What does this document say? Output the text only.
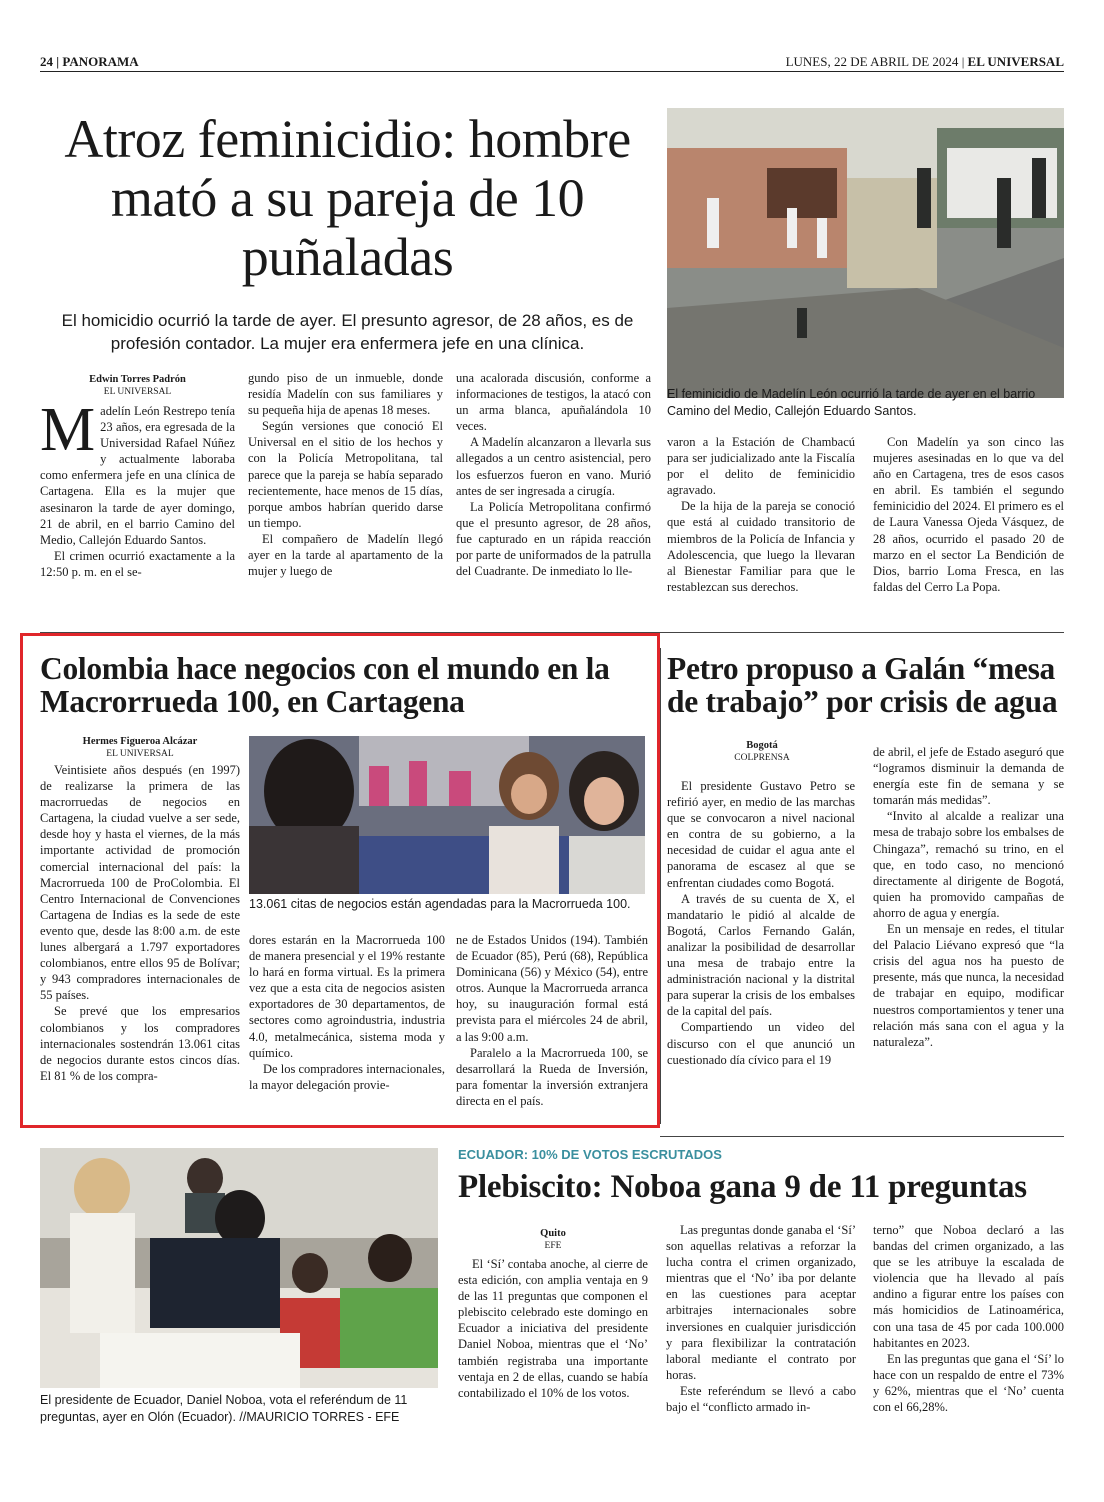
24 | PANORAMA	LUNES, 22 DE ABRIL DE 2024 | EL UNIVERSAL
Atroz feminicidio: hombre mató a su pareja de 10 puñaladas
El homicidio ocurrió la tarde de ayer. El presunto agresor, de 28 años, es de profesión contador. La mujer era enfermera jefe en una clínica.
El feminicidio de Madelín León ocurrió la tarde de ayer en el barrio Camino del Medio, Callejón Eduardo Santos.
Edwin Torres Padrón
EL UNIVERSAL

Madelín León Restrepo tenía 23 años, era egresada de la Universidad Rafael Núñez y actualmente laboraba como enfermera jefe en una clínica de Cartagena. Ella es la mujer que asesinaron la tarde de ayer domingo, 21 de abril, en el barrio Camino del Medio, Callejón Eduardo Santos.

El crimen ocurrió exactamente a la 12:50 p. m. en el se-

gundo piso de un inmueble, donde residía Madelín con sus familiares y su pequeña hija de apenas 18 meses.

Según versiones que conoció El Universal en el sitio de los hechos y con la Policía Metropolitana, tal parece que la pareja se había separado recientemente, hace menos de 15 días, porque ambos habrían querido darse un tiempo.

El compañero de Madelín llegó ayer en la tarde al apartamento de la mujer y luego de

una acalorada discusión, conforme a informaciones de testigos, la atacó con un arma blanca, apuñalándola 10 veces.

A Madelín alcanzaron a llevarla sus allegados a un centro asistencial, pero los esfuerzos fueron en vano. Murió antes de ser ingresada a cirugía.

La Policía Metropolitana confirmó que el presunto agresor, de 28 años, fue capturado en un rápida reacción por parte de uniformados de la patrulla del Cuadrante. De inmediato lo lle-

varon a la Estación de Chambacú para ser judicializado ante la Fiscalía por el delito de feminicidio agravado.

De la hija de la pareja se conoció que está al cuidado transitorio de miembros de la Policía de Infancia y Adolescencia, que luego la llevaran al Bienestar Familiar para que le restablezcan sus derechos.

Con Madelín ya son cinco las mujeres asesinadas en lo que va del año en Cartagena, tres de esos casos en abril. Es también el segundo feminicidio del 2024. El primero es el de Laura Vanessa Ojeda Vásquez, de 28 años, ocurrido el pasado 20 de marzo en el sector La Bendición de Dios, barrio Loma Fresca, en las faldas del Cerro La Popa.

Colombia hace negocios con el mundo en la Macrorrueda 100, en Cartagena
Hermes Figueroa Alcázar
EL UNIVERSAL
13.061 citas de negocios están agendadas para la Macrorrueda 100.

Veintisiete años después (en 1997) de realizarse la primera de las macrorruedas de negocios en Cartagena, la ciudad vuelve a ser sede, desde hoy y hasta el viernes, de la más importante actividad de promoción comercial internacional del país: la Macrorrueda 100 de ProColombia. El Centro Internacional de Convenciones Cartagena de Indias es la sede de este evento que, desde las 8:00 a.m. de este lunes albergará a 1.797 exportadores colombianos, entre ellos 95 de Bolívar; y 943 compradores internacionales de 55 países.

Se prevé que los empresarios colombianos y los compradores internacionales sostendrán 13.061 citas de negocios durante estos cincos días. El 81 % de los compra-

dores estarán en la Macrorrueda 100 de manera presencial y el 19% restante lo hará en forma virtual. Es la primera vez que a esta cita de negocios asisten exportadores de 30 departamentos, de sectores como agroindustria, industria 4.0, metalmecánica, sistema moda y químico.

De los compradores internacionales, la mayor delegación provie-

ne de Estados Unidos (194). También de Ecuador (85), Perú (68), República Dominicana (56) y México (54), entre otros. Aunque la Macrorrueda arranca hoy, su inauguración formal está prevista para el miércoles 24 de abril, a las 9:00 a.m.

Paralelo a la Macrorrueda 100, se desarrollará la Rueda de Inversión, para fomentar la inversión extranjera directa en el país.

Petro propuso a Galán “mesa de trabajo” por crisis de agua
Bogotá
COLPRENSA

El presidente Gustavo Petro se refirió ayer, en medio de las marchas que se convocaron a nivel nacional en contra de su gobierno, a la necesidad de cuidar el agua ante el panorama de escasez al que se enfrentan ciudades como Bogotá.

A través de su cuenta de X, el mandatario le pidió al alcalde de Bogotá, Carlos Fernando Galán, analizar la posibilidad de desarrollar una mesa de trabajo entre la administración nacional y la distrital para superar la crisis de los embalses de la capital del país.

Compartiendo un video del discurso con el que anunció un cuestionado día cívico para el 19

de abril, el jefe de Estado aseguró que “logramos disminuir la demanda de energía este fin de semana y se tomarán más medidas”.

“Invito al alcalde a realizar una mesa de trabajo sobre los embalses de Chingaza”, remachó su trino, en el que, en todo caso, no mencionó directamente al dirigente de Bogotá, quien ha promovido campañas de ahorro de agua y energía.

En un mensaje en redes, el titular del Palacio Liévano expresó que “la crisis del agua nos ha puesto de presente, más que nunca, la necesidad de trabajar en equipo, modificar nuestros comportamientos y tener una relación más sana con el agua y la naturaleza”.

El presidente de Ecuador, Daniel Noboa, vota el referéndum de 11 preguntas, ayer en Olón (Ecuador). //MAURICIO TORRES - EFE
ECUADOR: 10% DE VOTOS ESCRUTADOS
Plebiscito: Noboa gana 9 de 11 preguntas
Quito
EFE

El ‘Sí’ contaba anoche, al cierre de esta edición, con amplia ventaja en 9 de las 11 preguntas que componen el plebiscito celebrado este domingo en Ecuador a iniciativa del presidente Daniel Noboa, mientras que el ‘No’ también registraba una importante ventaja en 2 de ellas, cuando se había contabilizado el 10% de los votos.

Las preguntas donde ganaba el ‘Sí’ son aquellas relativas a reforzar la lucha contra el crimen organizado, mientras que el ‘No’ iba por delante en las cuestiones para aceptar arbitrajes internacionales sobre inversiones en cualquier jurisdicción y para flexibilizar la contratación laboral mediante el contrato por horas.

Este referéndum se llevó a cabo bajo el “conflicto armado in-

terno” que Noboa declaró a las bandas del crimen organizado, a las que se les atribuye la escalada de violencia que ha llevado al país andino a figurar entre los países con más homicidios de Latinoamérica, con una tasa de 45 por cada 100.000 habitantes en 2023.

En las preguntas que gana el ‘Sí’ lo hace con un respaldo de entre el 73% y 62%, mientras que el ‘No’ cuenta con el 66,28%.
